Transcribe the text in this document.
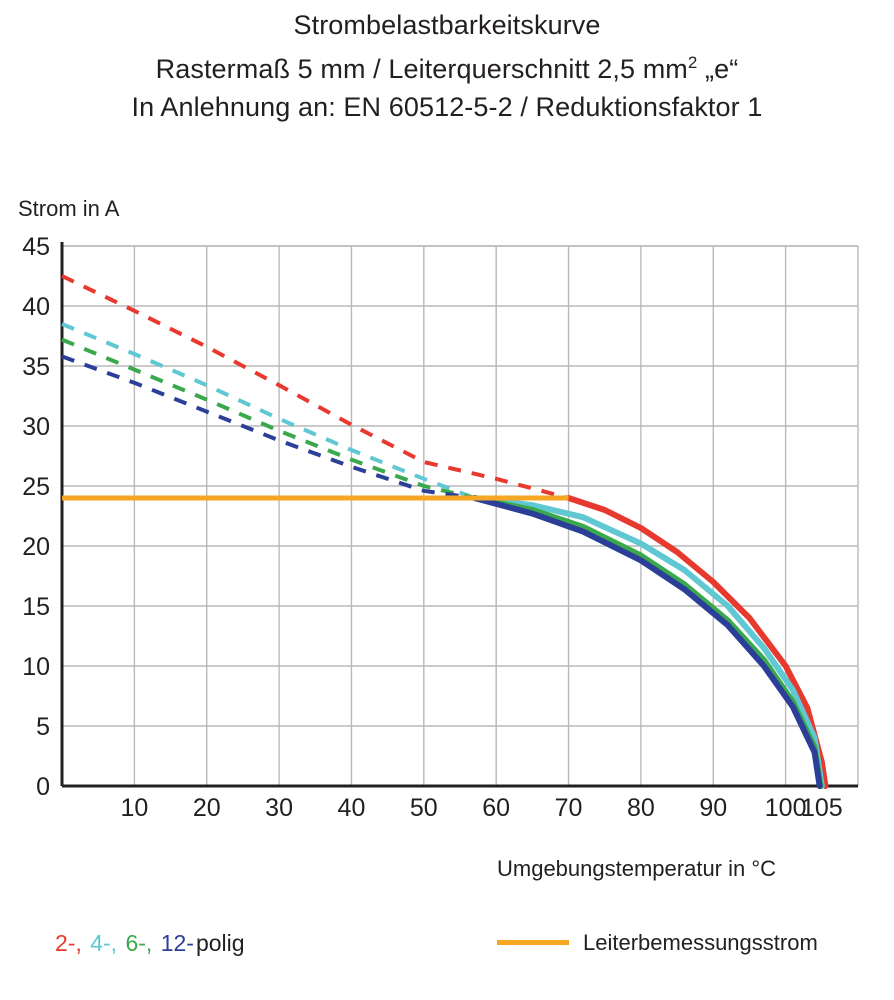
Strombelastbarkeitskurve
Rastermaß 5 mm / Leiterquerschnitt 2,5 $mm^2$ „e“
In Anlehnung an: EN 60512-5-2 / Reduktionsfaktor 1
Strom in A
0
5
10
15
20
25
30
35
40
45
10 20 30 40 50 60 70 80 90 100
105
Umgebungstemperatur in °C
2-, 4-, 6-, 12-polig	Leiterbemessungsstrom
